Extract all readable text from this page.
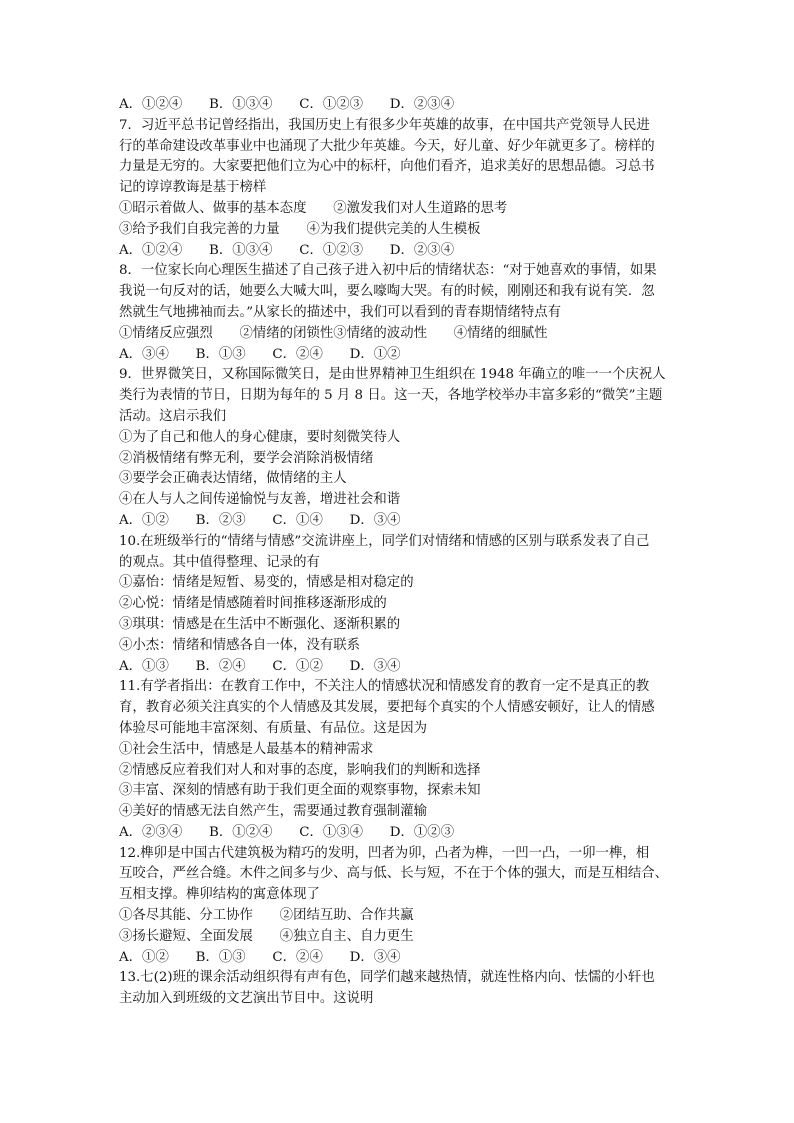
A．①②④　　B．①③④　　C．①②③　　D．②③④
7．习近平总书记曾经指出，我国历史上有很多少年英雄的故事，在中国共产党领导人民进
行的革命建设改革事业中也涌现了大批少年英雄。今天，好儿童、好少年就更多了。榜样的
力量是无穷的。大家要把他们立为心中的标杆，向他们看齐，追求美好的思想品德。习总书
记的谆谆教诲是基于榜样
①昭示着做人、做事的基本态度　　②激发我们对人生道路的思考
③给予我们自我完善的力量　　④为我们提供完美的人生模板
A．①②④　　B．①③④　　C．①②③　　D．②③④
8．一位家长向心理医生描述了自己孩子进入初中后的情绪状态：“对于她喜欢的事情，如果
我说一句反对的话，她要么大喊大叫，要么嚎啕大哭。有的时候，刚刚还和我有说有笑．忽
然就生气地拂袖而去。”从家长的描述中，我们可以看到的青春期情绪特点有
①情绪反应强烈　　②情绪的闭锁性③情绪的波动性　　④情绪的细腻性
A．③④　　B．①③　　C．②④　　D．①②
9．世界微笑日，又称国际微笑日，是由世界精神卫生组织在 1948 年确立的唯一一个庆祝人
类行为表情的节日，日期为每年的 5 月 8 日。这一天，各地学校举办丰富多彩的“微笑”主题
活动。这启示我们
①为了自己和他人的身心健康，要时刻微笑待人
②消极情绪有弊无利，要学会消除消极情绪
③要学会正确表达情绪，做情绪的主人
④在人与人之间传递愉悦与友善，增进社会和谐
A．①②　　B．②③　　C．①④　　D．③④
10.在班级举行的“情绪与情感”交流讲座上，同学们对情绪和情感的区别与联系发表了自己
的观点。其中值得整理、记录的有
①嘉怡：情绪是短暂、易变的，情感是相对稳定的
②心悦：情绪是情感随着时间推移逐渐形成的
③琪琪：情感是在生活中不断强化、逐渐积累的
④小杰：情绪和情感各自一体，没有联系
A．①③　　B．②④　　C．①②　　D．③④
11.有学者指出：在教育工作中，不关注人的情感状况和情感发育的教育一定不是真正的教
育，教育必须关注真实的个人情感及其发展，要把每个真实的个人情感安顿好，让人的情感
体验尽可能地丰富深刻、有质量、有品位。这是因为
①社会生活中，情感是人最基本的精神需求
②情感反应着我们对人和对事的态度，影响我们的判断和选择
③丰富、深刻的情感有助于我们更全面的观察事物，探索未知
④美好的情感无法自然产生，需要通过教育强制灌输
A．②③④　　B．①②④　　C．①③④　　D．①②③
12.榫卯是中国古代建筑极为精巧的发明，凹者为卯，凸者为榫，一凹一凸，一卯一榫，相
互咬合，严丝合缝。木件之间多与少、高与低、长与短，不在于个体的强大，而是互相结合、
互相支撑。榫卯结构的寓意体现了
①各尽其能、分工协作　　②团结互助、合作共赢
③扬长避短、全面发展　　④独立自主、自力更生
A．①②　　B．①③　　C．②④　　D．③④
13.七(2)班的课余活动组织得有声有色，同学们越来越热情，就连性格内向、怯懦的小轩也
主动加入到班级的文艺演出节目中。这说明
